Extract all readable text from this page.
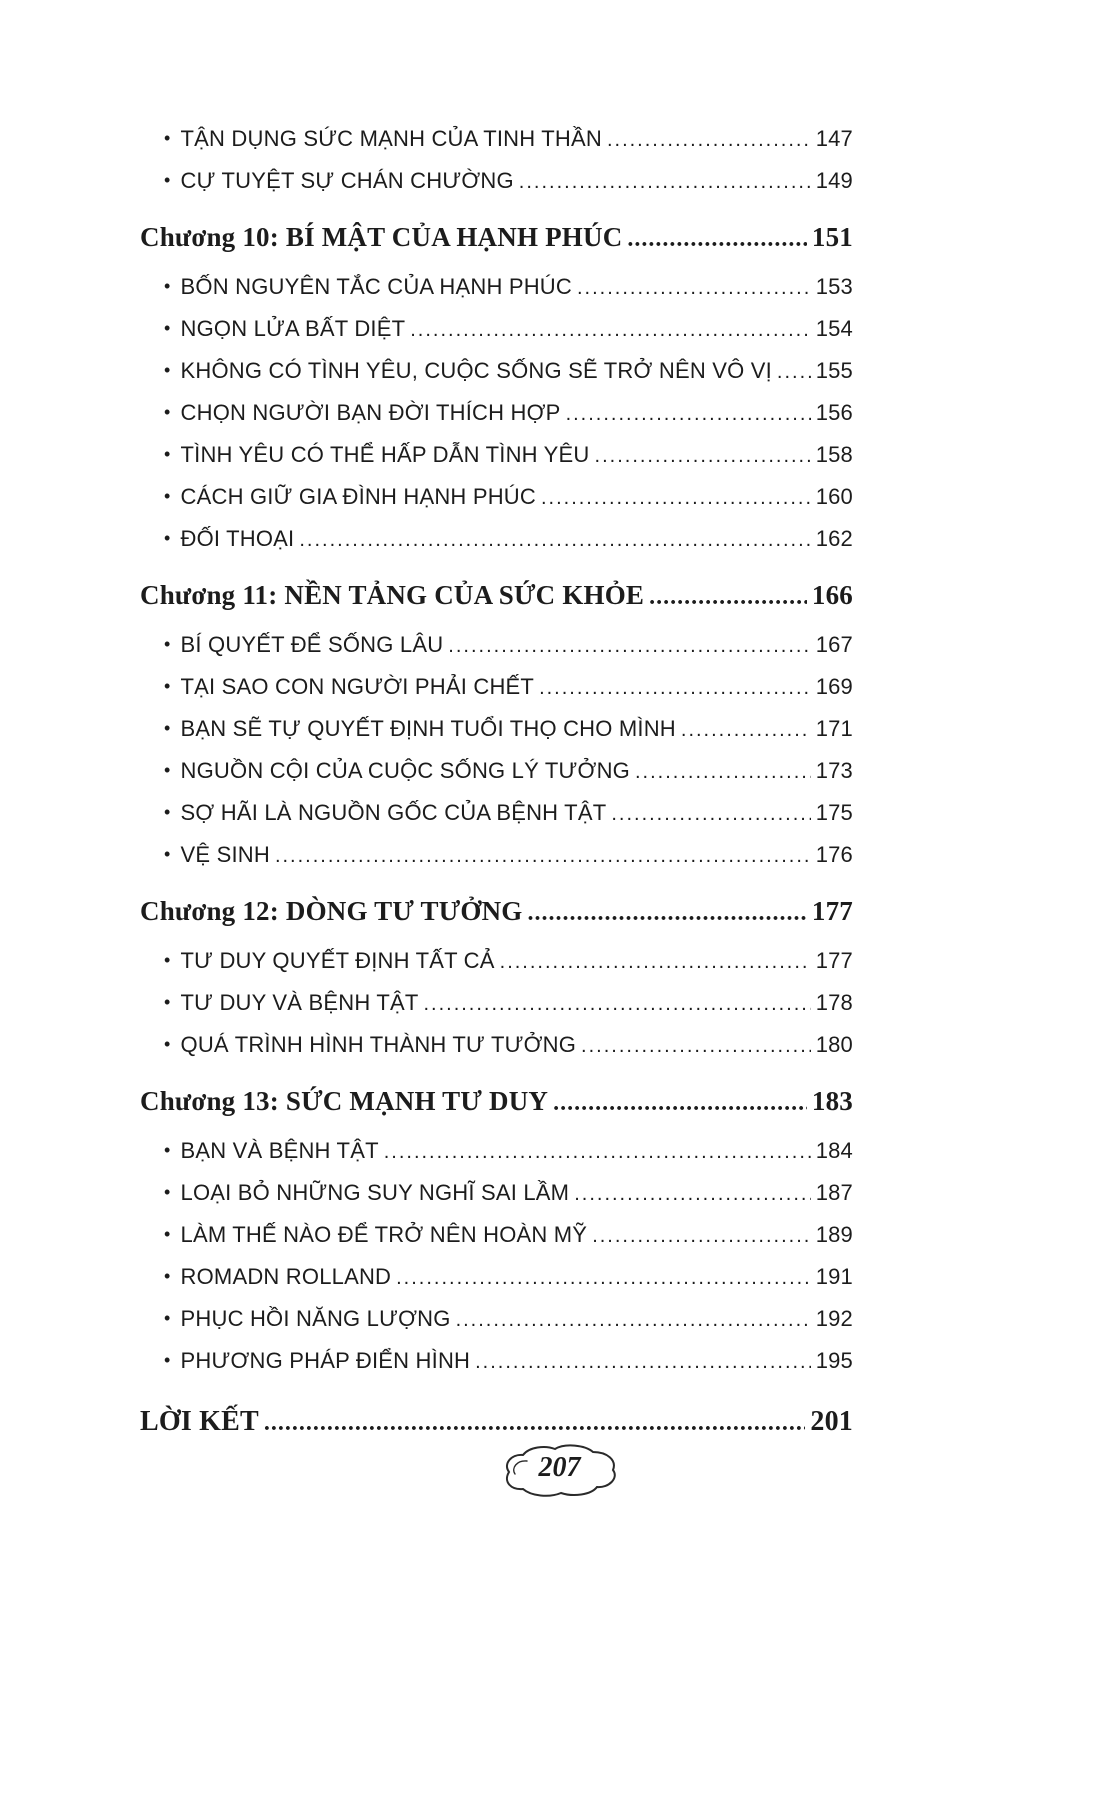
• TẬN DỤNG SỨC MẠNH CỦA TINH THẦN .....	147
• CỰ TUYỆT SỰ CHÁN CHƯỜNG .....	149
Chương 10: BÍ MẬT CỦA HẠNH PHÚC .....	151
• BỐN NGUYÊN TẮC CỦA HẠNH PHÚC .....	153
• NGỌN LỬA BẤT DIỆT .....	154
• KHÔNG CÓ TÌNH YÊU, CUỘC SỐNG SẼ TRỞ NÊN VÔ VỊ ..... 155
• CHỌN NGƯỜI BẠN ĐỜI THÍCH HỢP .....	156
• TÌNH YÊU CÓ THỂ HẤP DẪN TÌNH YÊU .....	158
• CÁCH GIỮ GIA ĐÌNH HẠNH PHÚC .....	160
• ĐỐI THOẠI .....	162
Chương 11: NỀN TẢNG CỦA SỨC KHỎE .....	166
• BÍ QUYẾT ĐỂ SỐNG LÂU .....	167
• TẠI SAO CON NGƯỜI PHẢI CHẾT .....	169
• BẠN SẼ TỰ QUYẾT ĐỊNH TUỔI THỌ CHO MÌNH .....	171
• NGUỒN CỘI CỦA CUỘC SỐNG LÝ TƯỞNG .....	173
• SỢ HÃI LÀ NGUỒN GỐC CỦA BỆNH TẬT .....	175
• VỆ SINH .....	176
Chương 12: DÒNG TƯ TƯỞNG .....	177
• TƯ DUY QUYẾT ĐỊNH TẤT CẢ .....	177
• TƯ DUY VÀ BỆNH TẬT .....	178
• QUÁ TRÌNH HÌNH THÀNH TƯ TƯỞNG .....	180
Chương 13: SỨC MẠNH TƯ DUY .....	183
• BẠN VÀ BỆNH TẬT .....	184
• LOẠI BỎ NHỮNG SUY NGHĨ SAI LẦM .....	187
• LÀM THẾ NÀO ĐỂ TRỞ NÊN HOÀN MỸ .....	189
• ROMADN ROLLAND .....	191
• PHỤC HỒI NĂNG LƯỢNG .....	192
• PHƯƠNG PHÁP ĐIỂN HÌNH .....	195
LỜI KẾT .....	201
207
